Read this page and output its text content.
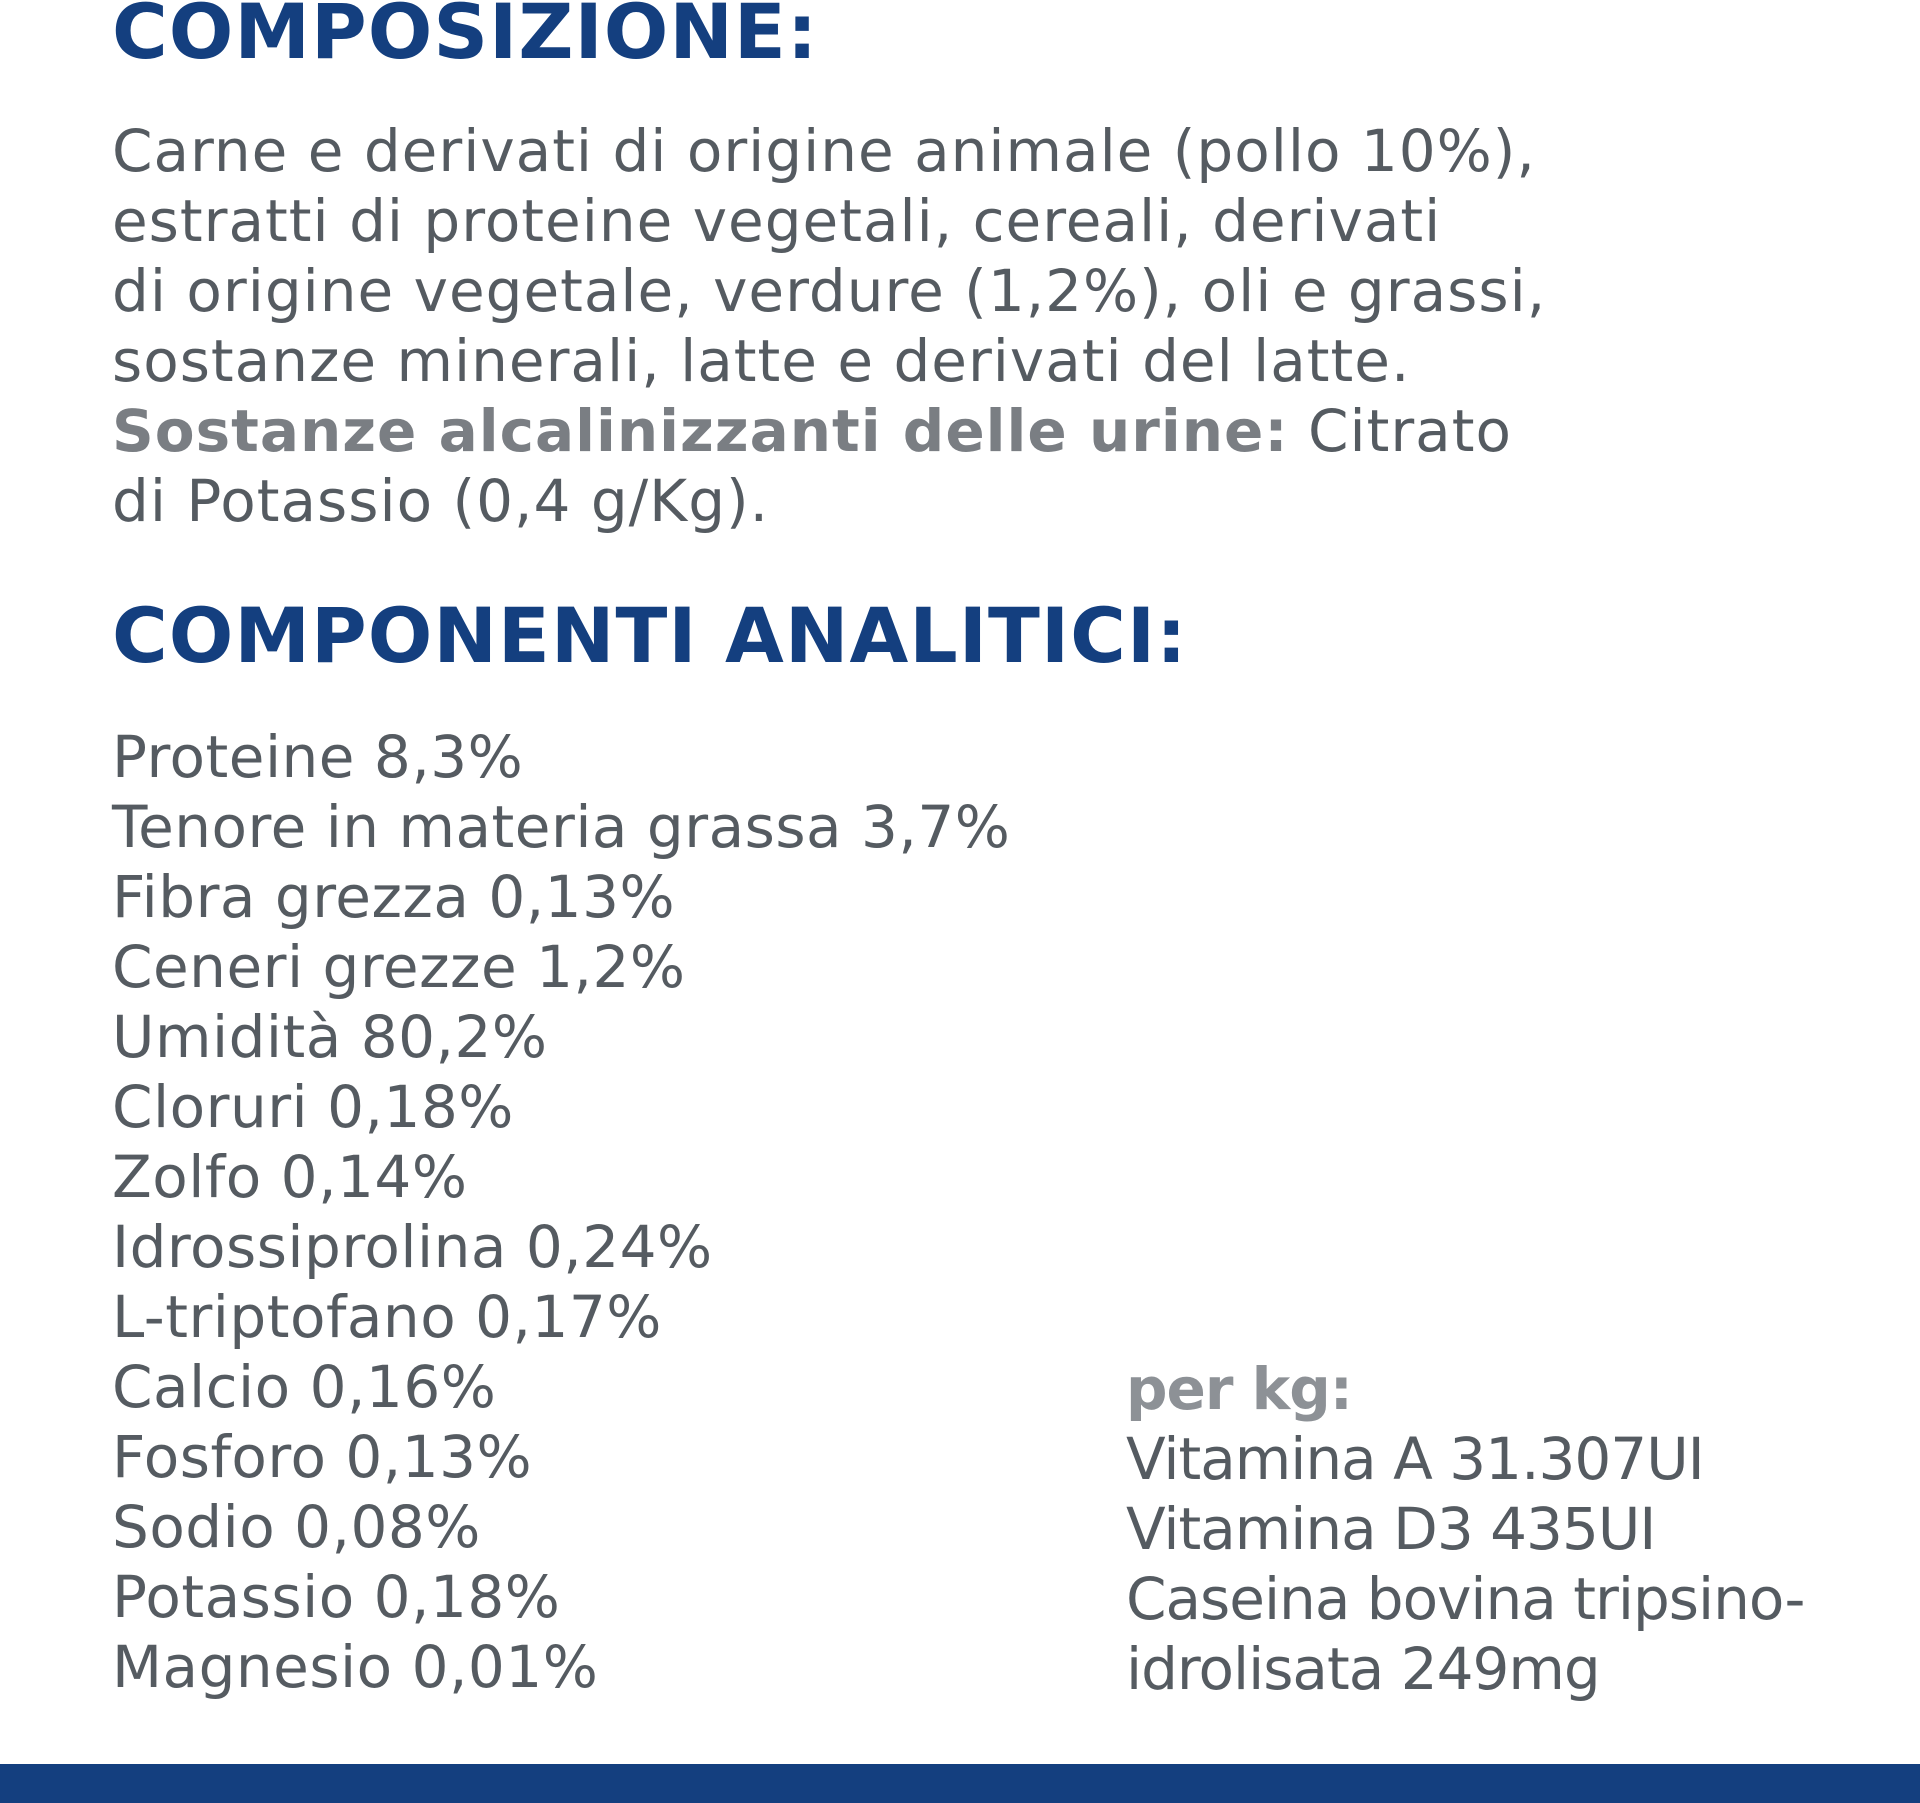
COMPOSIZIONE:
Carne e derivati di origine animale (pollo 10%),
estratti di proteine vegetali, cereali, derivati
di origine vegetale, verdure (1,2%), oli e grassi,
sostanze minerali, latte e derivati del latte.
Sostanze alcalinizzanti delle urine: Citrato
di Potassio (0,4 g/Kg).
COMPONENTI ANALITICI:
Proteine 8,3%
Tenore in materia grassa 3,7%
Fibra grezza 0,13%
Ceneri grezze 1,2%
Umidità 80,2%
Cloruri 0,18%
Zolfo 0,14%
Idrossiprolina 0,24%
L-triptofano 0,17%
Calcio 0,16%
Fosforo 0,13%
Sodio 0,08%
Potassio 0,18%
Magnesio 0,01%
per kg:
Vitamina A 31.307UI
Vitamina D3 435UI
Caseina bovina tripsino-
idrolisata 249mg
